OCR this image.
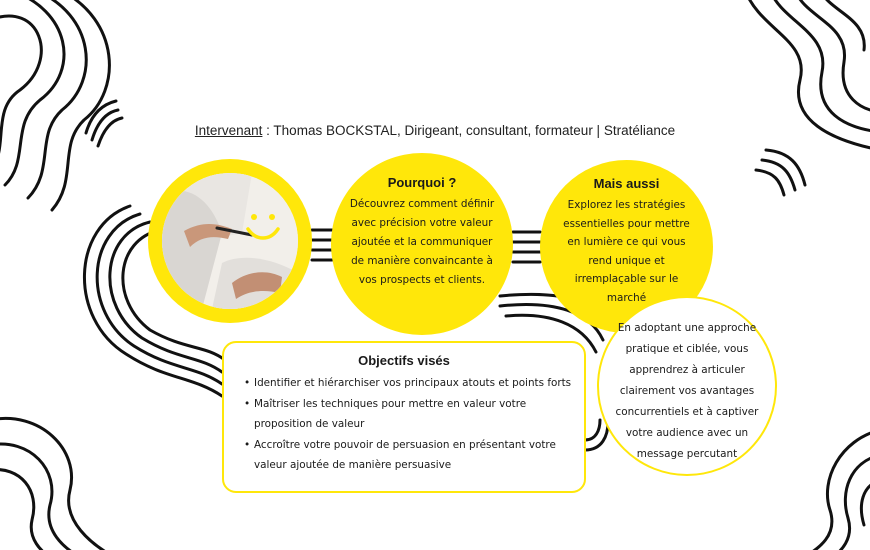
Intervenant : Thomas BOCKSTAL, Dirigeant, consultant, formateur | Stratéliance
Pourquoi ?
Découvrez comment définir avec précision votre valeur ajoutée et la communiquer de manière convaincante à vos prospects et clients.
Mais aussi
Explorez les stratégies essentielles pour mettre en lumière ce qui vous rend unique et irremplaçable sur le marché
En adoptant une approche pratique et ciblée, vous apprendrez à articuler clairement vos avantages concurrentiels et à captiver votre audience avec un message percutant
Objectifs visés
• Identifier et hiérarchiser vos principaux atouts et points forts
• Maîtriser les techniques pour mettre en valeur votre proposition de valeur
• Accroître votre pouvoir de persuasion en présentant votre valeur ajoutée de manière persuasive
